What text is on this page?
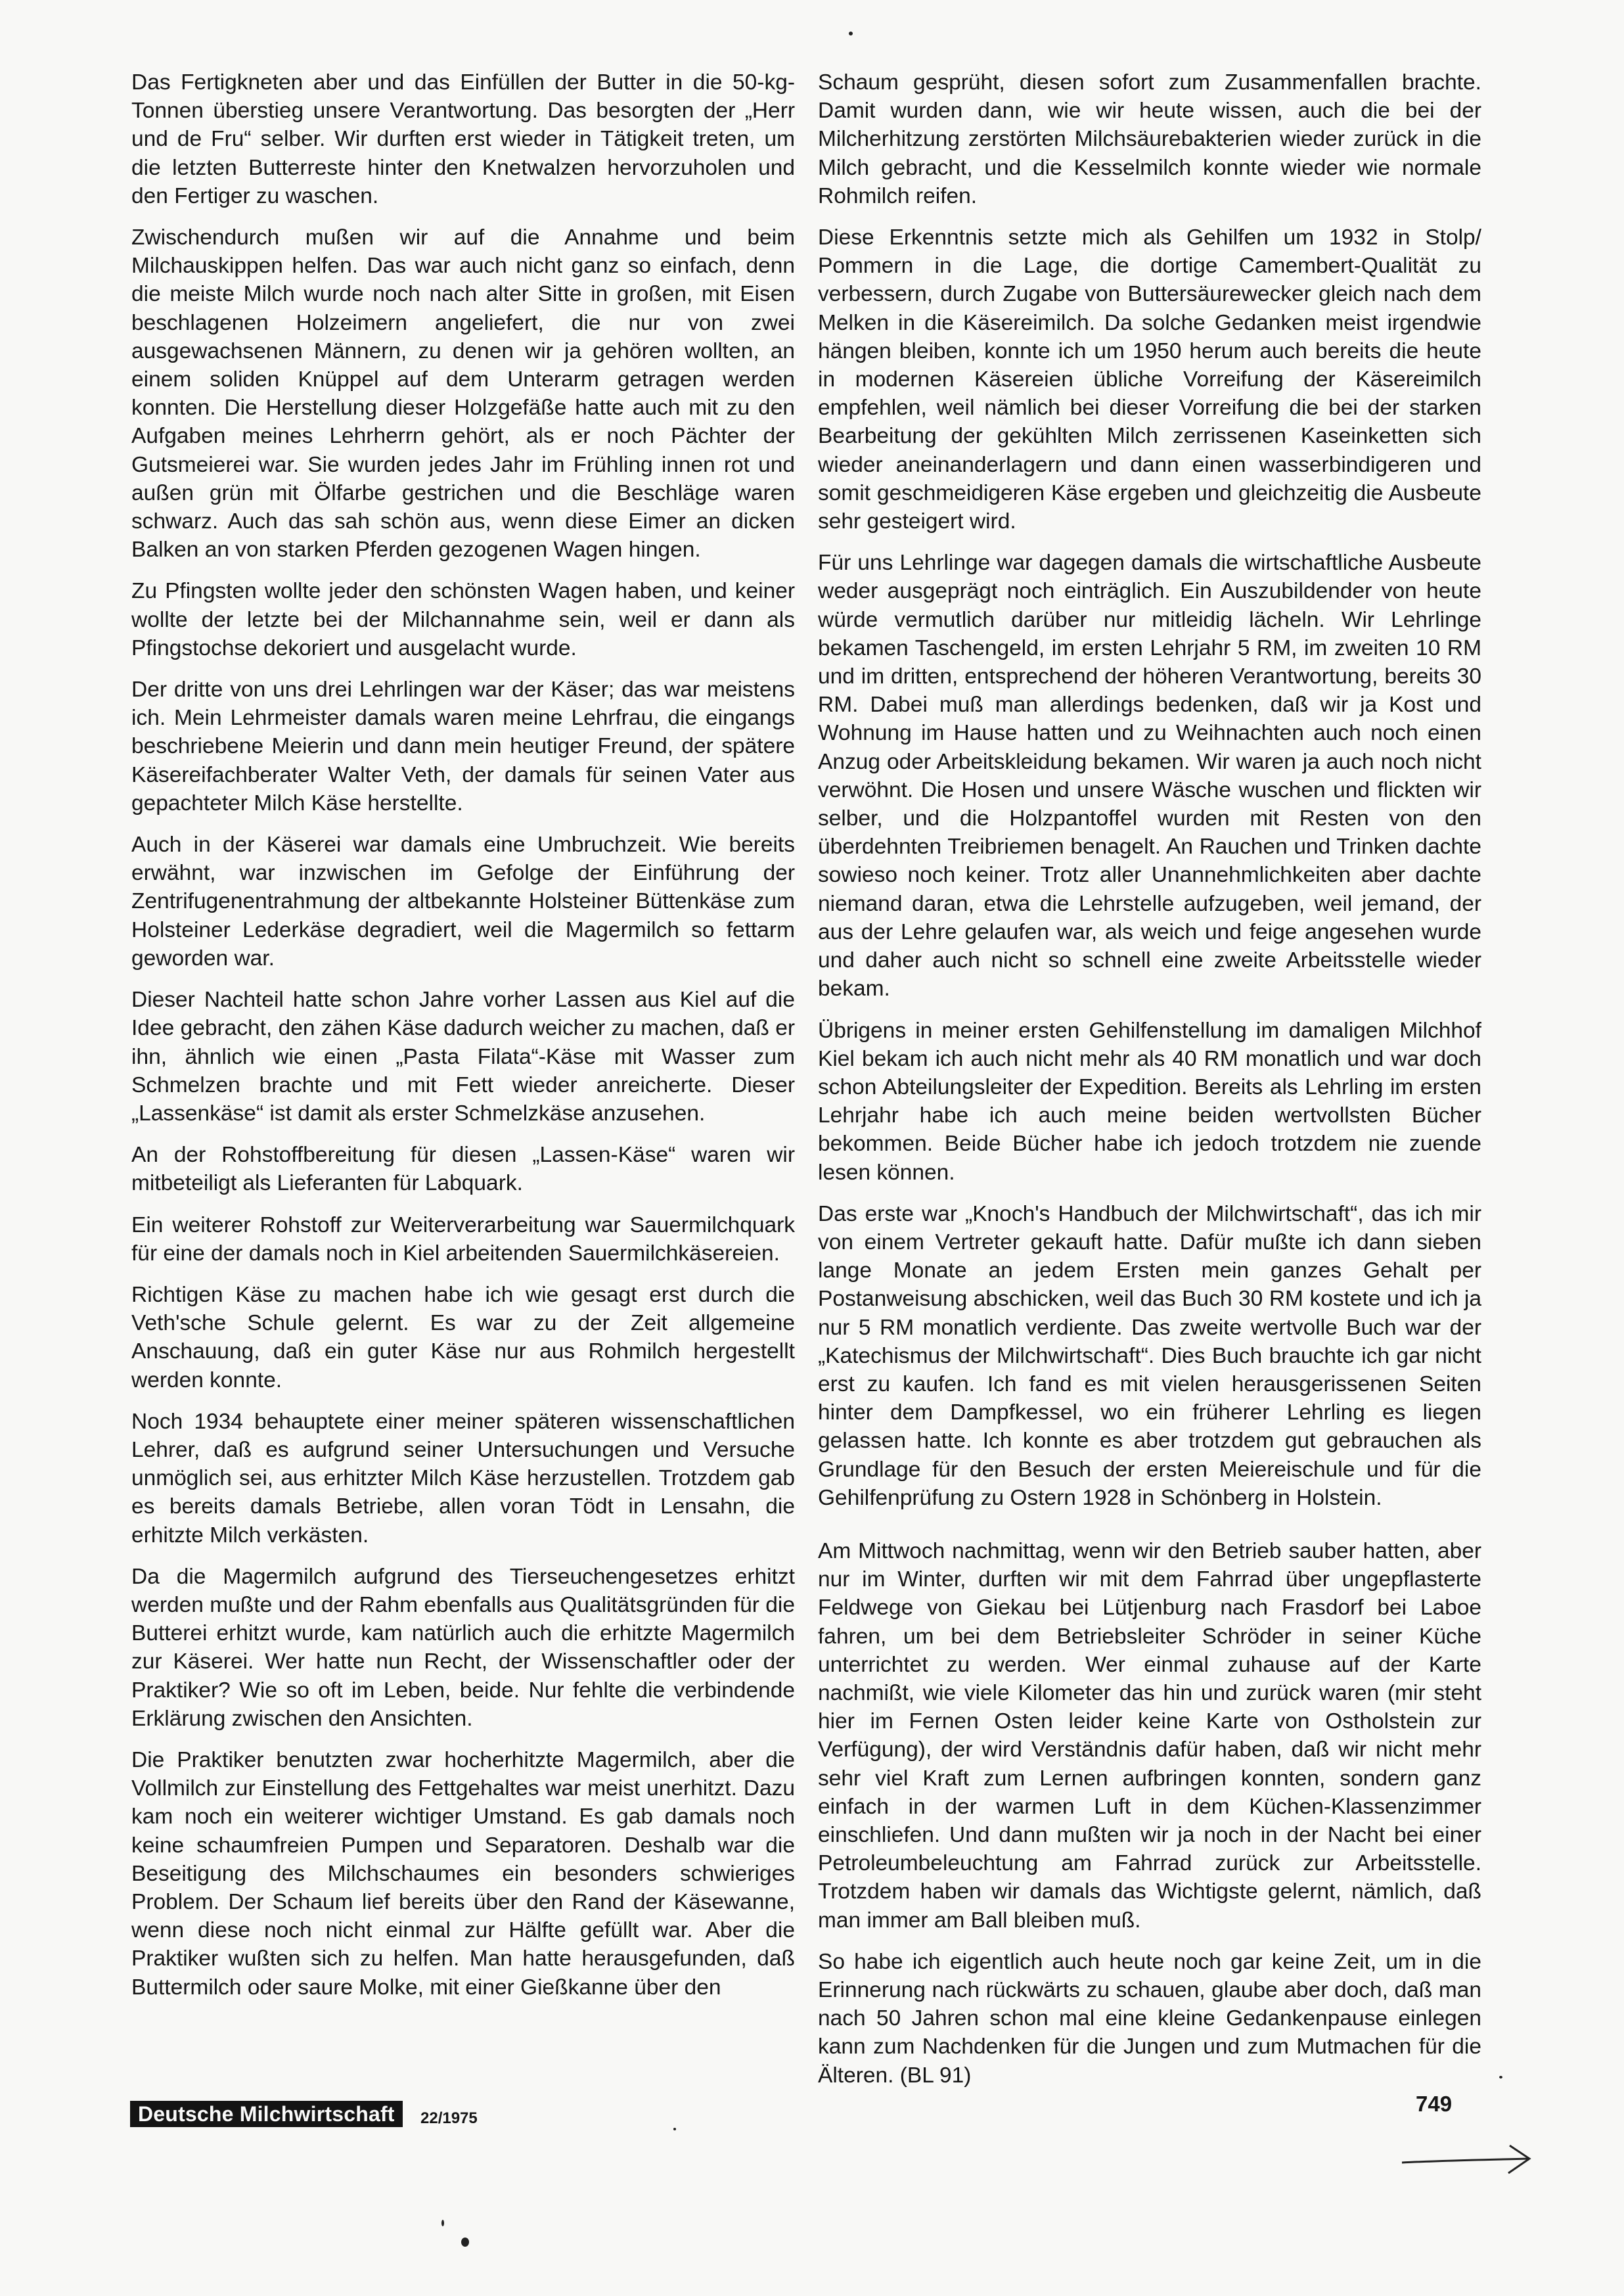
Das Fertigkneten aber und das Einfüllen der Butter in die 50-kg-Tonnen überstieg unsere Verantwortung. Das besorgten der „Herr und de Fru“ selber. Wir durften erst wieder in Tätigkeit treten, um die letzten Butterreste hinter den Knetwalzen hervorzuholen und den Fertiger zu waschen.

Zwischendurch mußen wir auf die Annahme und beim Milchauskippen helfen. Das war auch nicht ganz so einfach, denn die meiste Milch wurde noch nach alter Sitte in großen, mit Eisen beschlagenen Holzeimern angeliefert, die nur von zwei ausgewachsenen Männern, zu denen wir ja gehören wollten, an einem soliden Knüppel auf dem Unterarm getragen werden konnten. Die Herstellung dieser Holzgefäße hatte auch mit zu den Aufgaben meines Lehrherrn gehört, als er noch Pächter der Gutsmeierei war. Sie wurden jedes Jahr im Frühling innen rot und außen grün mit Ölfarbe gestrichen und die Beschläge waren schwarz. Auch das sah schön aus, wenn diese Eimer an dicken Balken an von starken Pferden gezogenen Wagen hingen.

Zu Pfingsten wollte jeder den schönsten Wagen haben, und keiner wollte der letzte bei der Milchannahme sein, weil er dann als Pfingstochse dekoriert und ausgelacht wurde.

Der dritte von uns drei Lehrlingen war der Käser; das war meistens ich. Mein Lehrmeister damals waren meine Lehrfrau, die eingangs beschriebene Meierin und dann mein heutiger Freund, der spätere Käsereifachberater Walter Veth, der damals für seinen Vater aus gepachteter Milch Käse herstellte.

Auch in der Käserei war damals eine Umbruchzeit. Wie bereits erwähnt, war inzwischen im Gefolge der Einführung der Zentrifugenentrahmung der altbekannte Holsteiner Büttenkäse zum Holsteiner Lederkäse degradiert, weil die Magermilch so fettarm geworden war.

Dieser Nachteil hatte schon Jahre vorher Lassen aus Kiel auf die Idee gebracht, den zähen Käse dadurch weicher zu machen, daß er ihn, ähnlich wie einen „Pasta Filata“-Käse mit Wasser zum Schmelzen brachte und mit Fett wieder anreicherte. Dieser „Lassenkäse“ ist damit als erster Schmelzkäse anzusehen.

An der Rohstoffbereitung für diesen „Lassen-Käse“ waren wir mitbeteiligt als Lieferanten für Labquark.

Ein weiterer Rohstoff zur Weiterverarbeitung war Sauermilchquark für eine der damals noch in Kiel arbeitenden Sauermilchkäsereien.

Richtigen Käse zu machen habe ich wie gesagt erst durch die Veth'sche Schule gelernt. Es war zu der Zeit allgemeine Anschauung, daß ein guter Käse nur aus Rohmilch hergestellt werden konnte.

Noch 1934 behauptete einer meiner späteren wissenschaftlichen Lehrer, daß es aufgrund seiner Untersuchungen und Versuche unmöglich sei, aus erhitzter Milch Käse herzustellen. Trotzdem gab es bereits damals Betriebe, allen voran Tödt in Lensahn, die erhitzte Milch verkästen.

Da die Magermilch aufgrund des Tierseuchengesetzes erhitzt werden mußte und der Rahm ebenfalls aus Qualitätsgründen für die Butterei erhitzt wurde, kam natürlich auch die erhitzte Magermilch zur Käserei. Wer hatte nun Recht, der Wissenschaftler oder der Praktiker? Wie so oft im Leben, beide. Nur fehlte die verbindende Erklärung zwischen den Ansichten.

Die Praktiker benutzten zwar hocherhitzte Magermilch, aber die Vollmilch zur Einstellung des Fettgehaltes war meist unerhitzt. Dazu kam noch ein weiterer wichtiger Umstand. Es gab damals noch keine schaumfreien Pumpen und Separatoren. Deshalb war die Beseitigung des Milchschaumes ein besonders schwieriges Problem. Der Schaum lief bereits über den Rand der Käsewanne, wenn diese noch nicht einmal zur Hälfte gefüllt war. Aber die Praktiker wußten sich zu helfen. Man hatte herausgefunden, daß Buttermilch oder saure Molke, mit einer Gießkanne über den

Schaum gesprüht, diesen sofort zum Zusammenfallen brachte. Damit wurden dann, wie wir heute wissen, auch die bei der Milcherhitzung zerstörten Milchsäurebakterien wieder zurück in die Milch gebracht, und die Kesselmilch konnte wieder wie normale Rohmilch reifen.

Diese Erkenntnis setzte mich als Gehilfen um 1932 in Stolp/ Pommern in die Lage, die dortige Camembert-Qualität zu verbessern, durch Zugabe von Buttersäurewecker gleich nach dem Melken in die Käsereimilch. Da solche Gedanken meist irgendwie hängen bleiben, konnte ich um 1950 herum auch bereits die heute in modernen Käsereien übliche Vorreifung der Käsereimilch empfehlen, weil nämlich bei dieser Vorreifung die bei der starken Bearbeitung der gekühlten Milch zerrissenen Kaseinketten sich wieder aneinanderlagern und dann einen wasserbindigeren und somit geschmeidigeren Käse ergeben und gleichzeitig die Ausbeute sehr gesteigert wird.

Für uns Lehrlinge war dagegen damals die wirtschaftliche Ausbeute weder ausgeprägt noch einträglich. Ein Auszubildender von heute würde vermutlich darüber nur mitleidig lächeln. Wir Lehrlinge bekamen Taschengeld, im ersten Lehrjahr 5 RM, im zweiten 10 RM und im dritten, entsprechend der höheren Verantwortung, bereits 30 RM. Dabei muß man allerdings bedenken, daß wir ja Kost und Wohnung im Hause hatten und zu Weihnachten auch noch einen Anzug oder Arbeitskleidung bekamen. Wir waren ja auch noch nicht verwöhnt. Die Hosen und unsere Wäsche wuschen und flickten wir selber, und die Holzpantoffel wurden mit Resten von den überdehnten Treibriemen benagelt. An Rauchen und Trinken dachte sowieso noch keiner. Trotz aller Unannehmlichkeiten aber dachte niemand daran, etwa die Lehrstelle aufzugeben, weil jemand, der aus der Lehre gelaufen war, als weich und feige angesehen wurde und daher auch nicht so schnell eine zweite Arbeitsstelle wieder bekam.

Übrigens in meiner ersten Gehilfenstellung im damaligen Milchhof Kiel bekam ich auch nicht mehr als 40 RM monatlich und war doch schon Abteilungsleiter der Expedition. Bereits als Lehrling im ersten Lehrjahr habe ich auch meine beiden wertvollsten Bücher bekommen. Beide Bücher habe ich jedoch trotzdem nie zuende lesen können.

Das erste war „Knoch's Handbuch der Milchwirtschaft“, das ich mir von einem Vertreter gekauft hatte. Dafür mußte ich dann sieben lange Monate an jedem Ersten mein ganzes Gehalt per Postanweisung abschicken, weil das Buch 30 RM kostete und ich ja nur 5 RM monatlich verdiente. Das zweite wertvolle Buch war der „Katechismus der Milchwirtschaft“. Dies Buch brauchte ich gar nicht erst zu kaufen. Ich fand es mit vielen herausgerissenen Seiten hinter dem Dampfkessel, wo ein früherer Lehrling es liegen gelassen hatte. Ich konnte es aber trotzdem gut gebrauchen als Grundlage für den Besuch der ersten Meiereischule und für die Gehilfenprüfung zu Ostern 1928 in Schönberg in Holstein.

Am Mittwoch nachmittag, wenn wir den Betrieb sauber hatten, aber nur im Winter, durften wir mit dem Fahrrad über ungepflasterte Feldwege von Giekau bei Lütjenburg nach Frasdorf bei Laboe fahren, um bei dem Betriebsleiter Schröder in seiner Küche unterrichtet zu werden. Wer einmal zuhause auf der Karte nachmißt, wie viele Kilometer das hin und zurück waren (mir steht hier im Fernen Osten leider keine Karte von Ostholstein zur Verfügung), der wird Verständnis dafür haben, daß wir nicht mehr sehr viel Kraft zum Lernen aufbringen konnten, sondern ganz einfach in der warmen Luft in dem Küchen-Klassenzimmer einschliefen. Und dann mußten wir ja noch in der Nacht bei einer Petroleumbeleuchtung am Fahrrad zurück zur Arbeitsstelle. Trotzdem haben wir damals das Wichtigste gelernt, nämlich, daß man immer am Ball bleiben muß.

So habe ich eigentlich auch heute noch gar keine Zeit, um in die Erinnerung nach rückwärts zu schauen, glaube aber doch, daß man nach 50 Jahren schon mal eine kleine Gedankenpause einlegen kann zum Nachdenken für die Jungen und zum Mutmachen für die Älteren. (BL 91)

Deutsche Milchwirtschaft	22/1975
749
